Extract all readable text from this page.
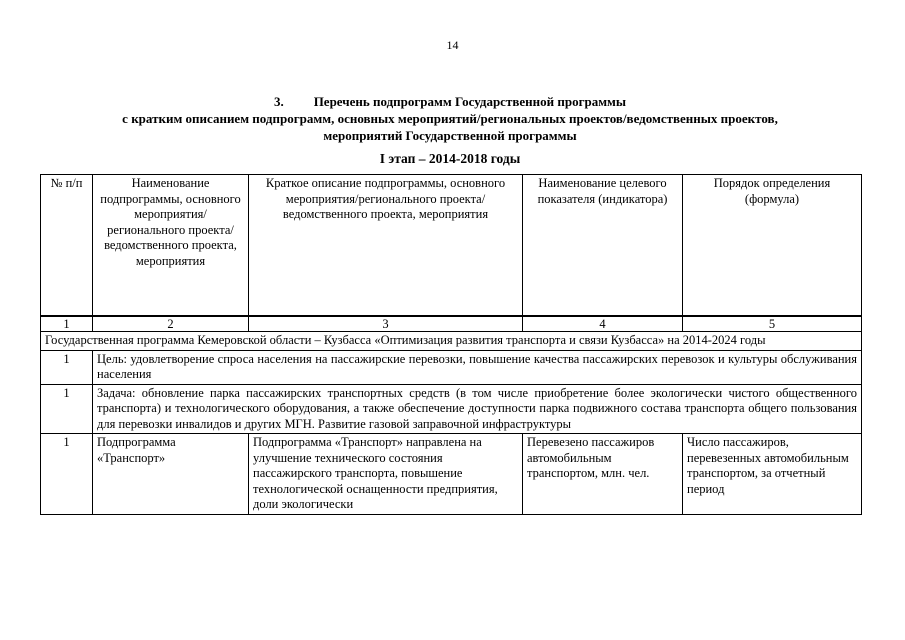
14
3. Перечень подпрограмм Государственной программы
с кратким описанием подпрограмм, основных мероприятий/региональных проектов/ведомственных проектов,
мероприятий Государственной программы
I этап – 2014-2018 годы
№ п/п	Наименование подпрограммы, основного мероприятия/регионального проекта/ ведомственного проекта, мероприятия	Краткое описание подпрограммы, основного мероприятия/регионального проекта/ведомственного проекта, мероприятия	Наименование целевого показателя (индикатора)	Порядок определения (формула)

1	2	3	4	5
Государственная программа Кемеровской области – Кузбасса «Оптимизация развития транспорта и связи Кузбасса» на 2014-2024 годы				
1	Цель: удовлетворение спроса населения на пассажирские перевозки, повышение качества пассажирских перевозок и культуры обслуживания населения			
1	Задача: обновление парка пассажирских транспортных средств (в том числе приобретение более экологически чистого общественного транспорта) и технологического оборудования, а также обеспечение доступности парка подвижного состава транспорта общего пользования для перевозки инвалидов и других МГН. Развитие газовой заправочной инфраструктуры			
1	Подпрограмма «Транспорт»	Подпрограмма «Транспорт» направлена на улучшение технического состояния пассажирского транспорта, повышение технологической оснащенности предприятия, доли экологически	Перевезено пассажиров автомобильным транспортом, млн. чел.	Число пассажиров, перевезенных автомобильным транспортом, за отчетный период
